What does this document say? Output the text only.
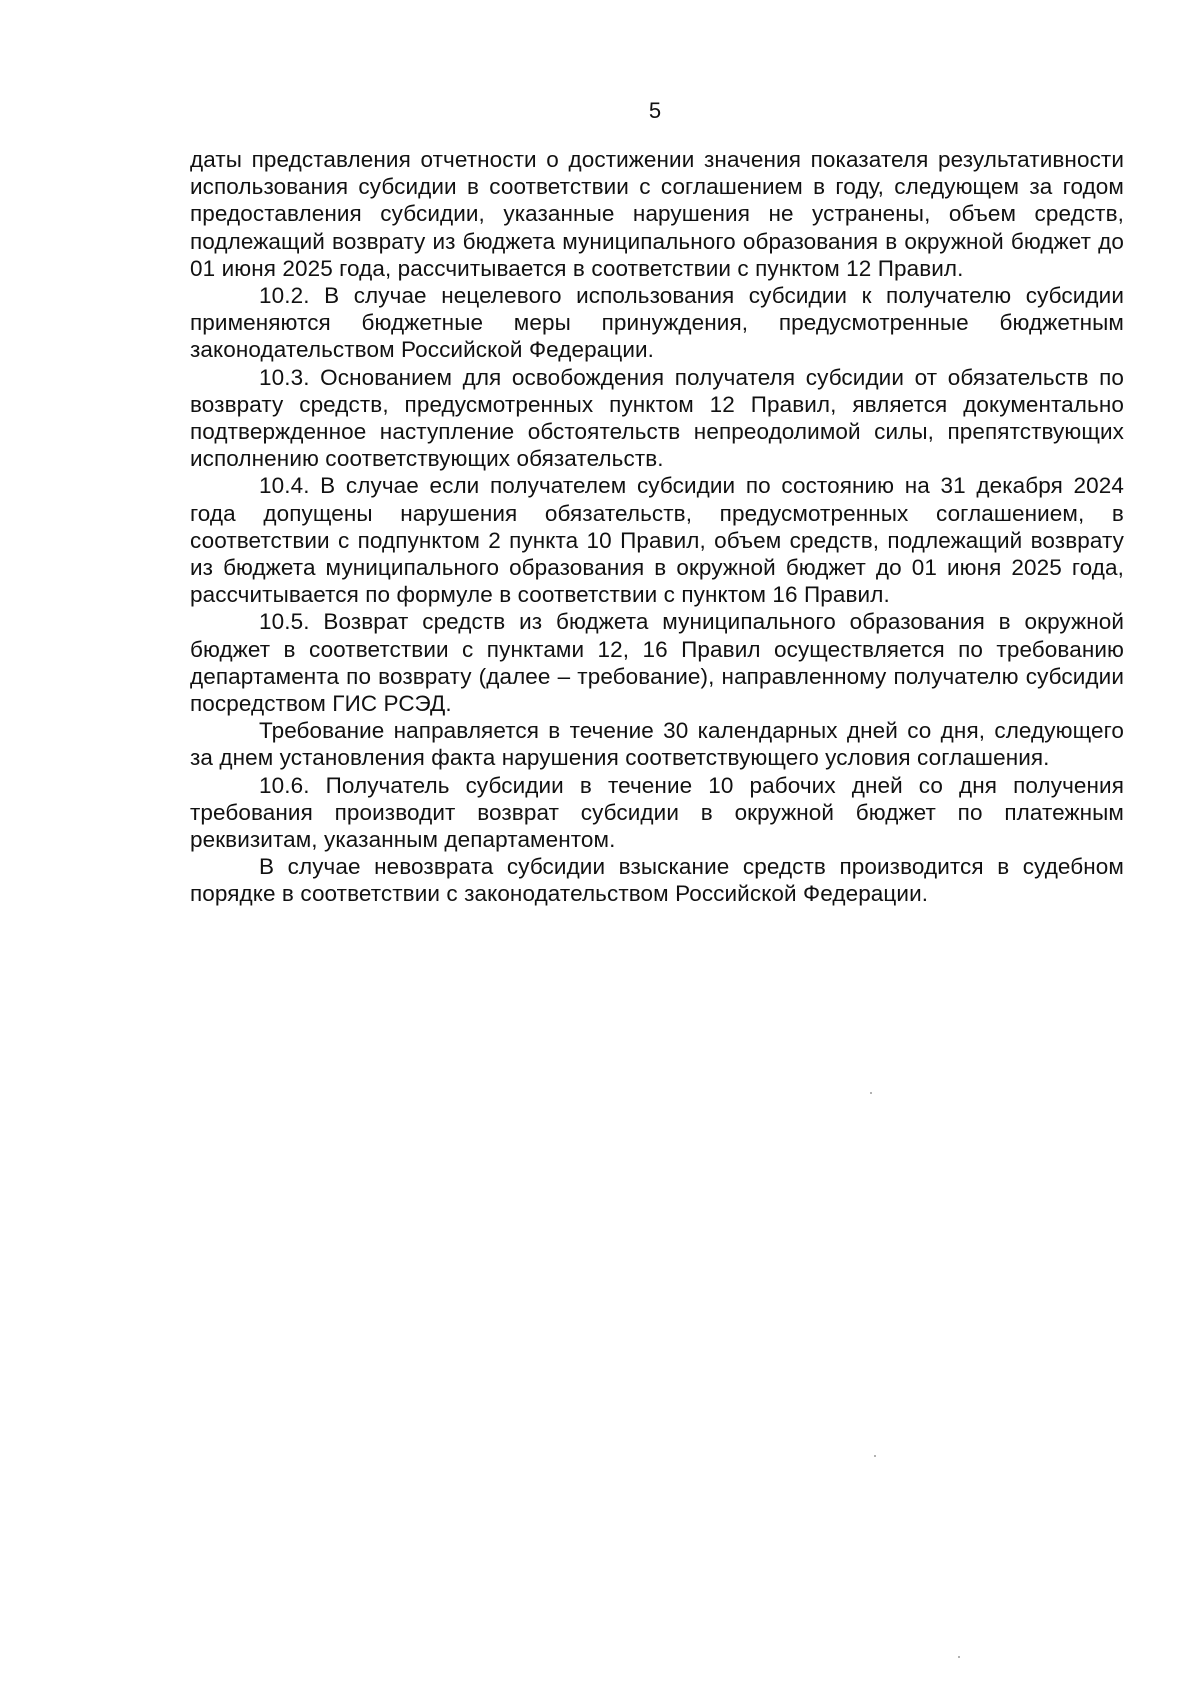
5

даты представления отчетности о достижении значения показателя результативности использования субсидии в соответствии с соглашением в году, следующем за годом предоставления субсидии, указанные нарушения не устранены, объем средств, подлежащий возврату из бюджета муниципального образования в окружной бюджет до 01 июня 2025 года, рассчитывается в соответствии с пунктом 12 Правил.

10.2. В случае нецелевого использования субсидии к получателю субсидии применяются бюджетные меры принуждения, предусмотренные бюджетным законодательством Российской Федерации.

10.3. Основанием для освобождения получателя субсидии от обязательств по возврату средств, предусмотренных пунктом 12 Правил, является документально подтвержденное наступление обстоятельств непреодолимой силы, препятствующих исполнению соответствующих обязательств.

10.4. В случае если получателем субсидии по состоянию на 31 декабря 2024 года допущены нарушения обязательств, предусмотренных соглашением, в соответствии с подпунктом 2 пункта 10 Правил, объем средств, подлежащий возврату из бюджета муниципального образования в окружной бюджет до 01 июня 2025 года, рассчитывается по формуле в соответствии с пунктом 16 Правил.

10.5. Возврат средств из бюджета муниципального образования в окружной бюджет в соответствии с пунктами 12, 16 Правил осуществляется по требованию департамента по возврату (далее – требование), направленному получателю субсидии посредством ГИС РСЭД.

Требование направляется в течение 30 календарных дней со дня, следующего за днем установления факта нарушения соответствующего условия соглашения.

10.6. Получатель субсидии в течение 10 рабочих дней со дня получения требования производит возврат субсидии в окружной бюджет по платежным реквизитам, указанным департаментом.

В случае невозврата субсидии взыскание средств производится в судебном порядке в соответствии с законодательством Российской Федерации.
